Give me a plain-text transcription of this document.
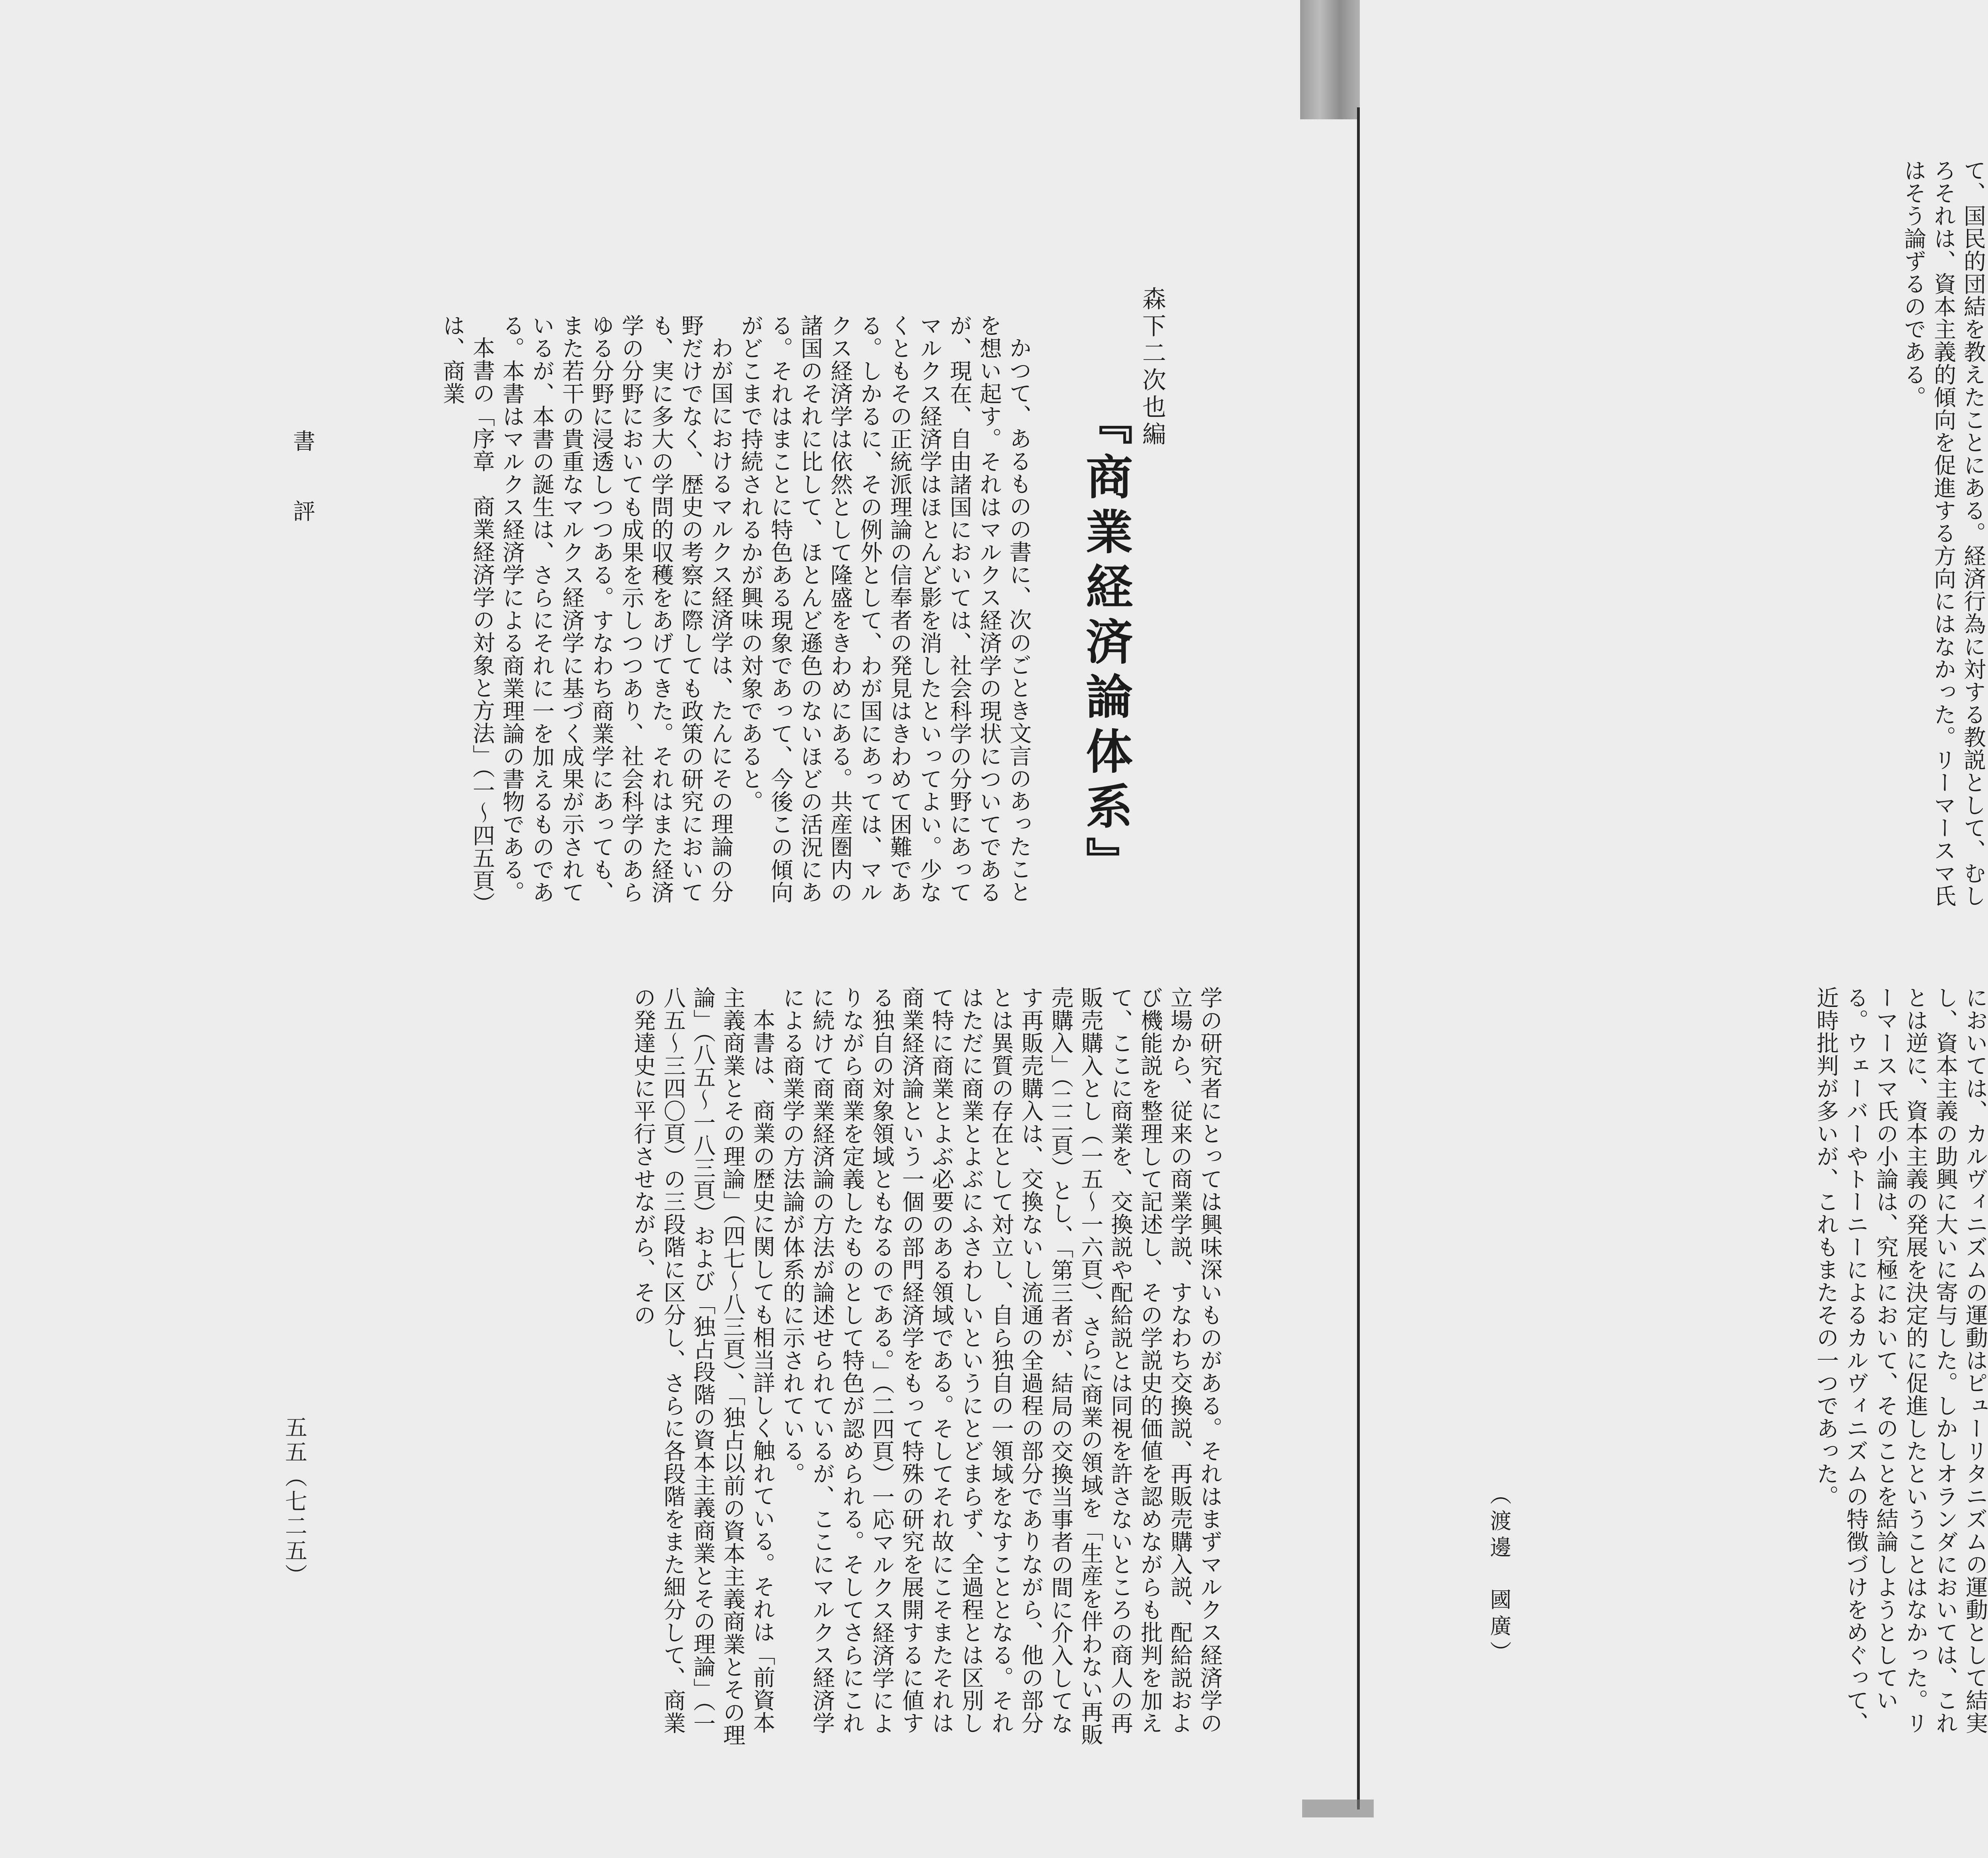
て、国民的団結を教えたことにある。経済行為に対する教説として、むしろそれは、資本主義的傾向を促進する方向にはなかった。リーマースマ氏はそう論ずるのである。

においては、カルヴィニズムの運動はピューリタニズムの運動として結実し、資本主義の助興に大いに寄与した。しかしオランダにおいては、これとは逆に、資本主義の発展を決定的に促進したということはなかった。リーマースマ氏の小論は、究極において、そのことを結論しようとしている。ウェーバーやトーニーによるカルヴィニズムの特徴づけをめぐって、近時批判が多いが、これもまたその一つであった。

（渡邊　國廣）
森下二次也編
『商業経済論体系』

かつて、あるものの書に、次のごとき文言のあったことを想い起す。それはマルクス経済学の現状についてであるが、現在、自由諸国においては、社会科学の分野にあってマルクス経済学はほとんど影を消したといってよい。少なくともその正統派理論の信奉者の発見はきわめて困難である。しかるに、その例外として、わが国にあっては、マルクス経済学は依然として隆盛をきわめにある。共産圏内の諸国のそれに比して、ほとんど遜色のないほどの活況にある。それはまことに特色ある現象であって、今後この傾向がどこまで持続されるかが興味の対象であると。

わが国におけるマルクス経済学は、たんにその理論の分野だけでなく、歴史の考察に際しても政策の研究においても、実に多大の学問的収穫をあげてきた。それはまた経済学の分野においても成果を示しつつあり、社会科学のあらゆる分野に浸透しつつある。すなわち商業学にあっても、また若干の貴重なマルクス経済学に基づく成果が示されているが、本書の誕生は、さらにそれに一を加えるものである。本書はマルクス経済学による商業理論の書物である。

本書の「序章　商業経済学の対象と方法」（一〜四五頁）は、商業

書評

学の研究者にとっては興味深いものがある。それはまずマルクス経済学の立場から、従来の商業学説、すなわち交換説、再販売購入説、配給説および機能説を整理して記述し、その学説史的価値を認めながらも批判を加えて、ここに商業を、交換説や配給説とは同視を許さないところの商人の再販売購入とし（一五〜一六頁）、さらに商業の領域を「生産を伴わない再販売購入」（二二頁）とし、「第三者が、結局の交換当事者の間に介入してなす再販売購入は、交換ないし流通の全過程の部分でありながら、他の部分とは異質の存在として対立し、自ら独自の一領域をなすこととなる。それはただに商業とよぶにふさわしいというにとどまらず、全過程とは区別して特に商業とよぶ必要のある領域である。そしてそれ故にこそまたそれは商業経済論という一個の部門経済学をもって特殊の研究を展開するに値する独自の対象領域ともなるのである。」（二四頁）一応マルクス経済学によりながら商業を定義したものとして特色が認められる。そしてさらにこれに続けて商業経済論の方法が論述せられているが、ここにマルクス経済学による商業学の方法論が体系的に示されている。

本書は、商業の歴史に関しても相当詳しく触れている。それは「前資本主義商業とその理論」（四七〜八三頁）、「独占以前の資本主義商業とその理論」（八五〜一八三頁）および「独占段階の資本主義商業とその理論」（一八五〜三四〇頁）の三段階に区分し、さらに各段階をまた細分して、商業の発達史に平行させながら、その

五五（七二五）
